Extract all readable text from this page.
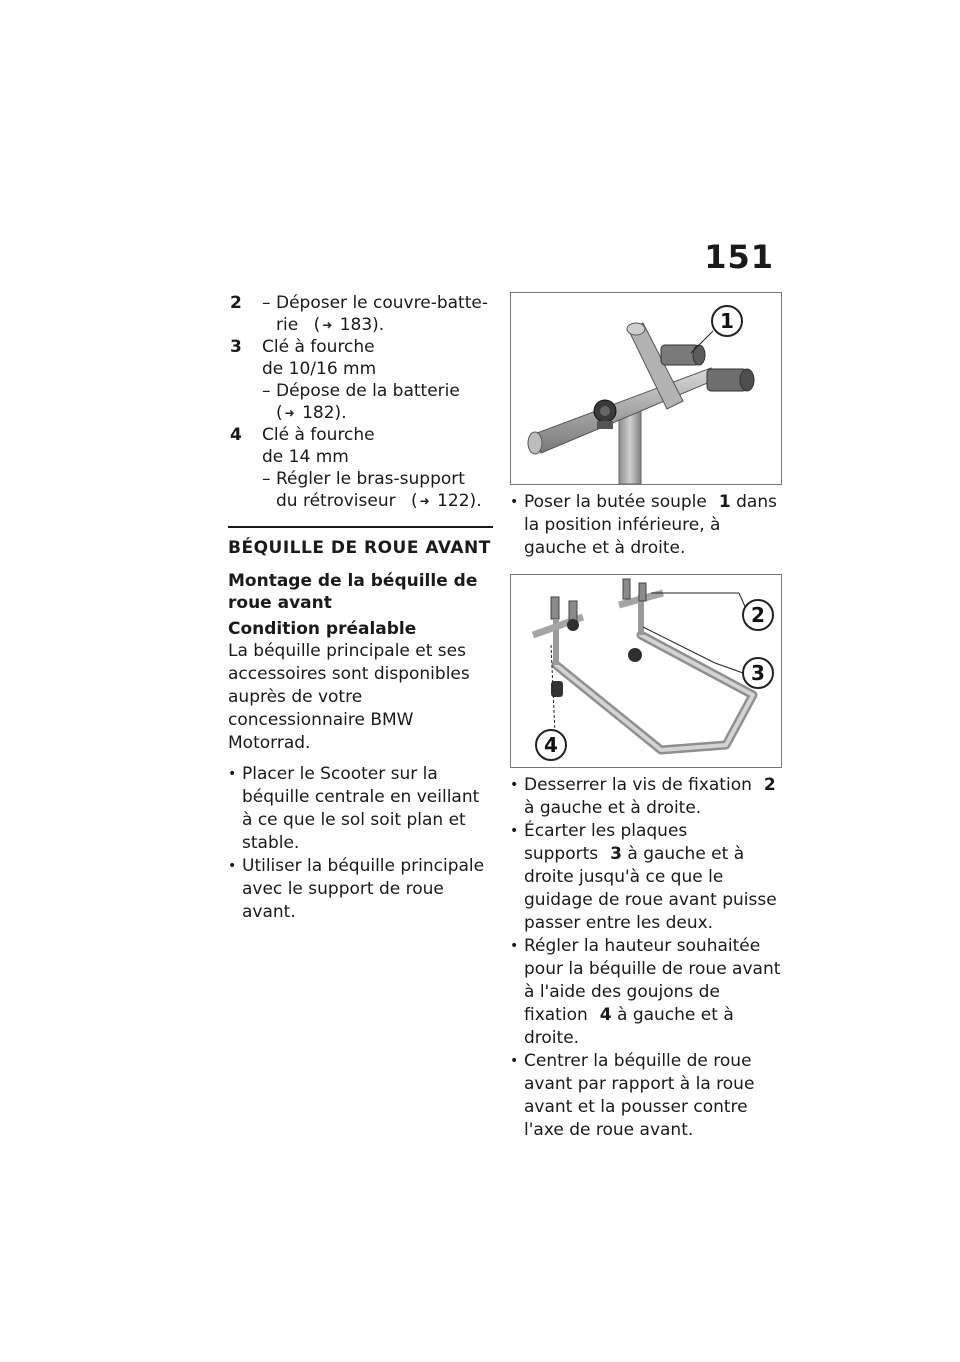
151
2	– Déposer le couvre-batte-
rie ( ➜ 183).
3	Clé à fourche
de 10/16 mm
– Dépose de la batterie
( ➜ 182).
4	Clé à fourche
de 14 mm
– Régler le bras-support
du rétroviseur ( ➜ 122).
BÉQUILLE DE ROUE AVANT
Montage de la béquille de roue avant
Condition préalable

La béquille principale et ses accessoires sont disponibles auprès de votre concessionnaire BMW Motorrad.

• Placer le Scooter sur la béquille centrale en veillant à ce que le sol soit plan et stable.
• Utiliser la béquille principale avec le support de roue avant.
1
• Poser la butée souple 1 dans la position inférieure, à gauche et à droite.
2
3
4
• Desserrer la vis de fixation 2 à gauche et à droite.
• Écarter les plaques supports 3 à gauche et à droite jusqu'à ce que le guidage de roue avant puisse passer entre les deux.
• Régler la hauteur souhaitée pour la béquille de roue avant à l'aide des goujons de fixation 4 à gauche et à droite.
• Centrer la béquille de roue avant par rapport à la roue avant et la pousser contre l'axe de roue avant.
